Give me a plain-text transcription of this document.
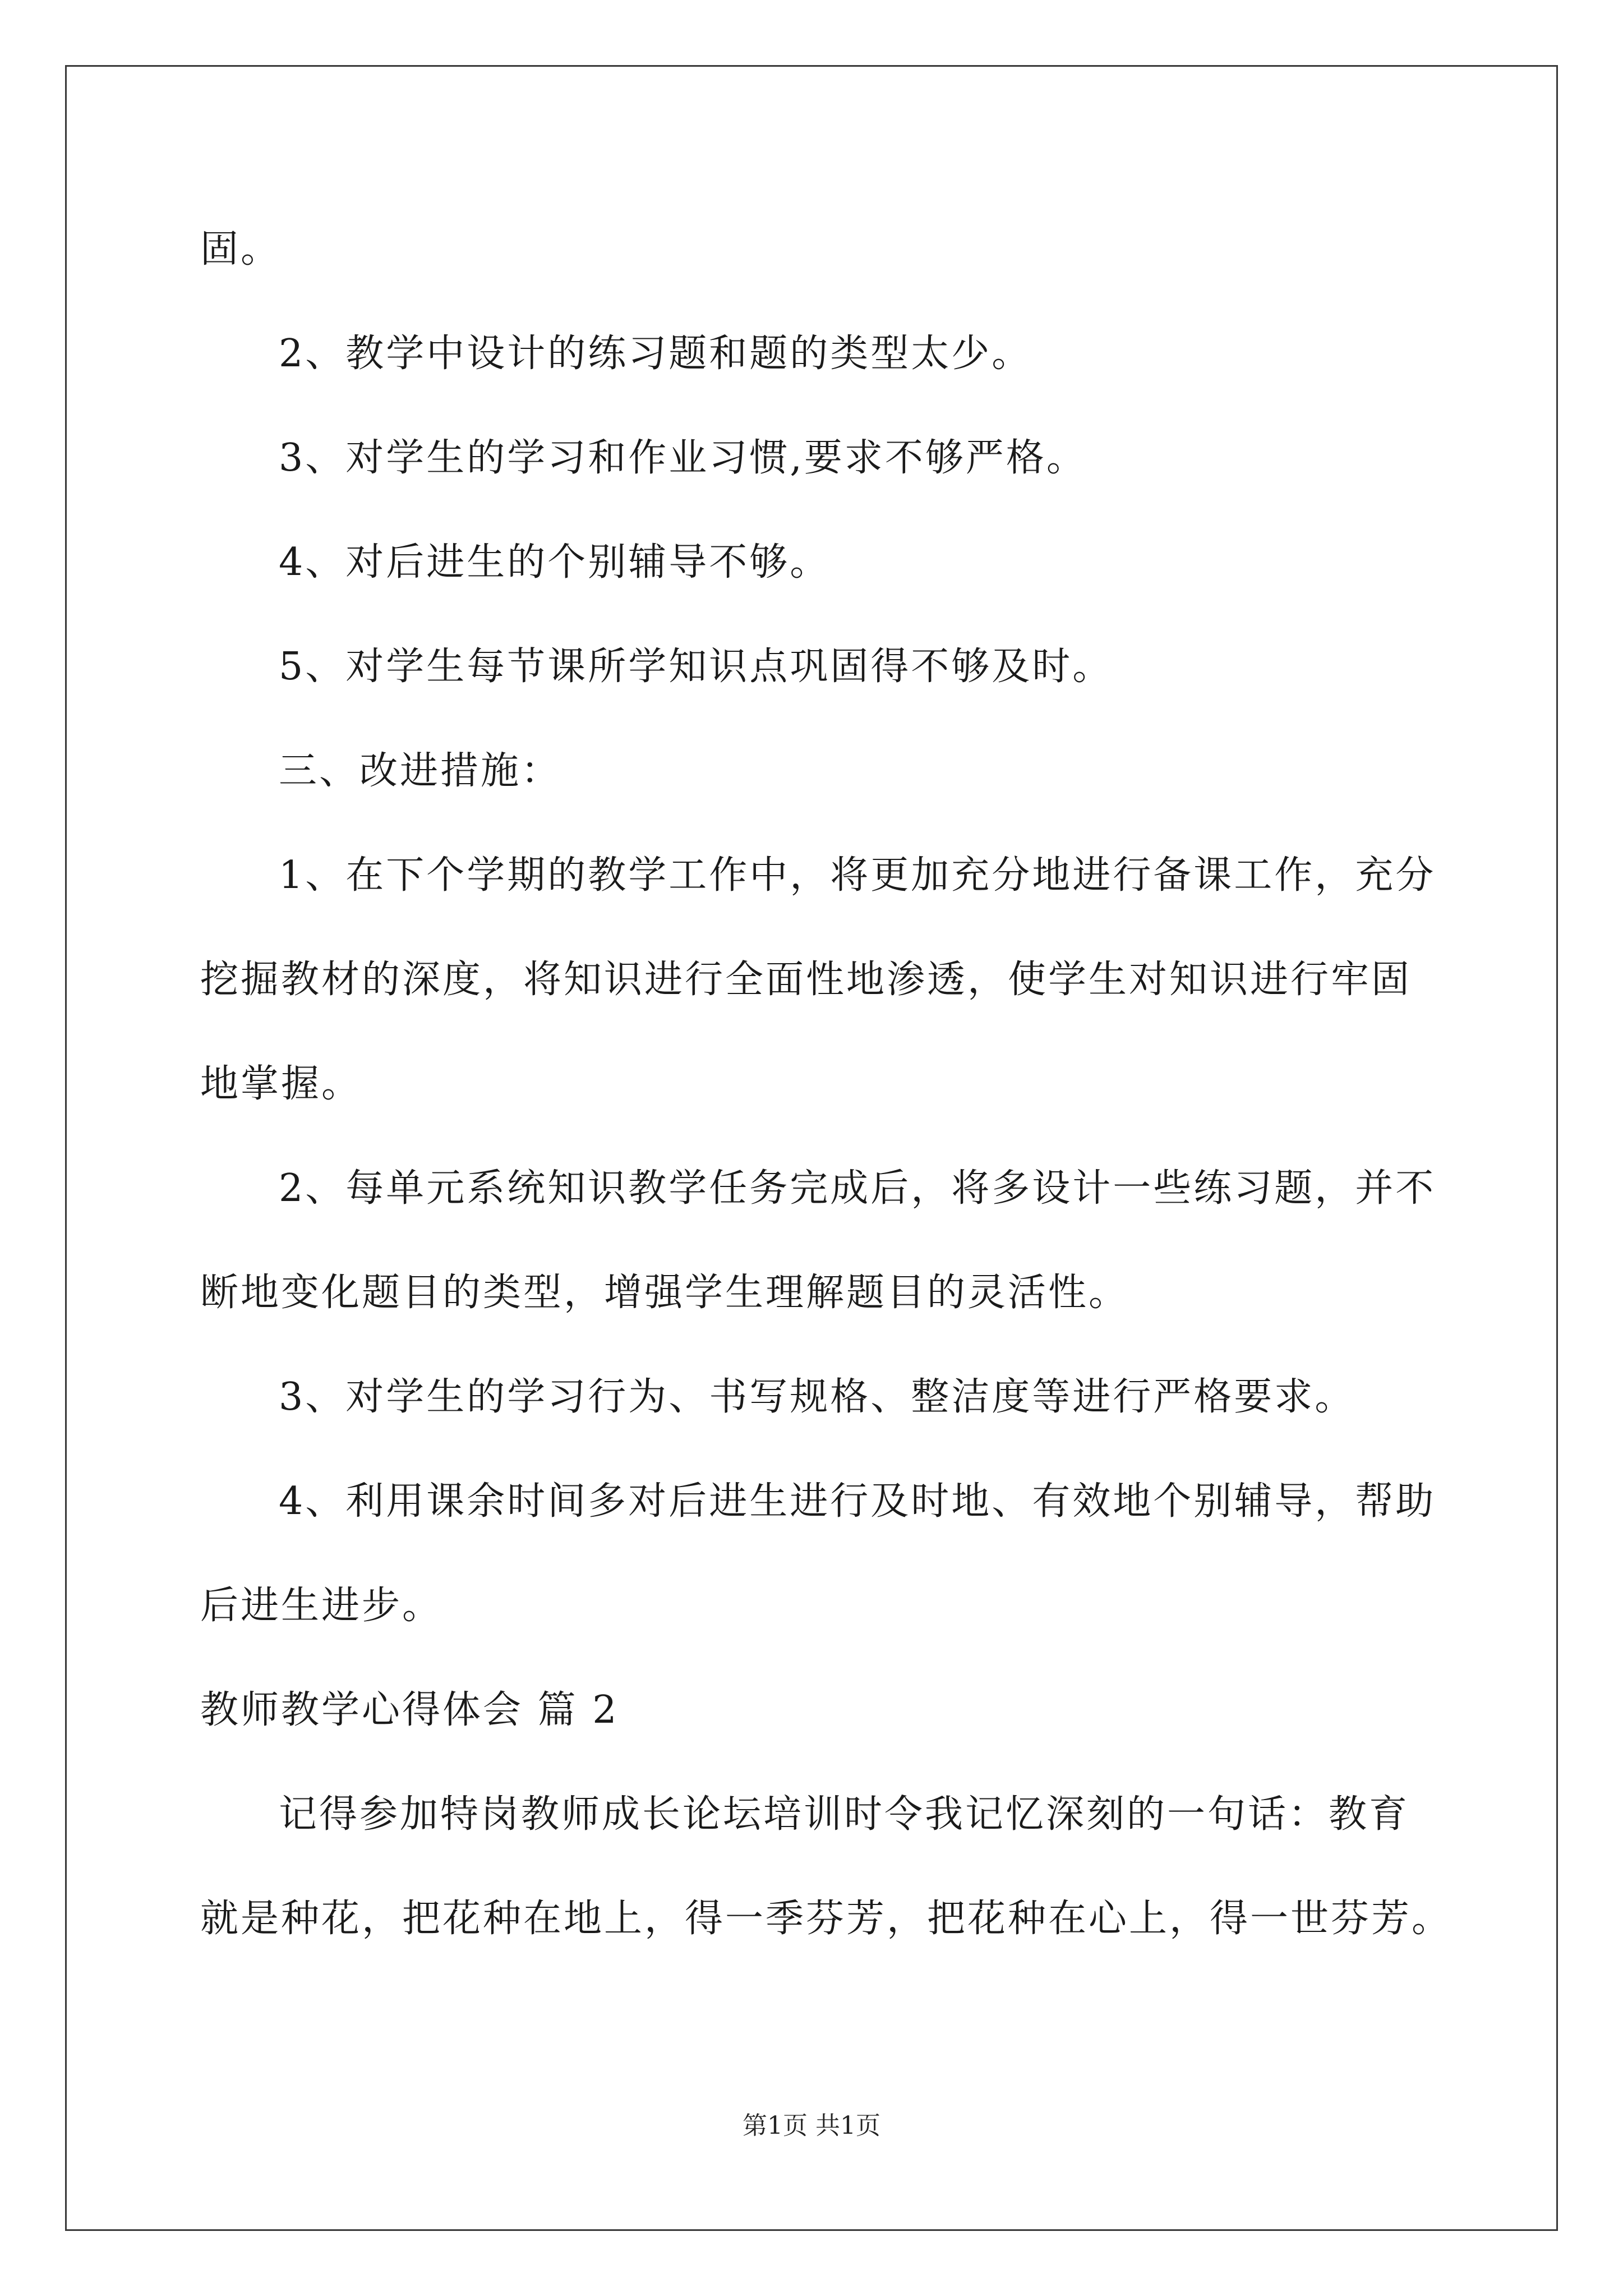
固。
2、教学中设计的练习题和题的类型太少。
3、对学生的学习和作业习惯,要求不够严格。
4、对后进生的个别辅导不够。
5、对学生每节课所学知识点巩固得不够及时。
三、改进措施：
1、在下个学期的教学工作中，将更加充分地进行备课工作，充分
挖掘教材的深度，将知识进行全面性地渗透，使学生对知识进行牢固
地掌握。
2、每单元系统知识教学任务完成后，将多设计一些练习题，并不
断地变化题目的类型，增强学生理解题目的灵活性。
3、对学生的学习行为、书写规格、整洁度等进行严格要求。
4、利用课余时间多对后进生进行及时地、有效地个别辅导，帮助
后进生进步。
教师教学心得体会 篇 2
记得参加特岗教师成长论坛培训时令我记忆深刻的一句话：教育
就是种花，把花种在地上，得一季芬芳，把花种在心上，得一世芬芳。
第1页 共1页
